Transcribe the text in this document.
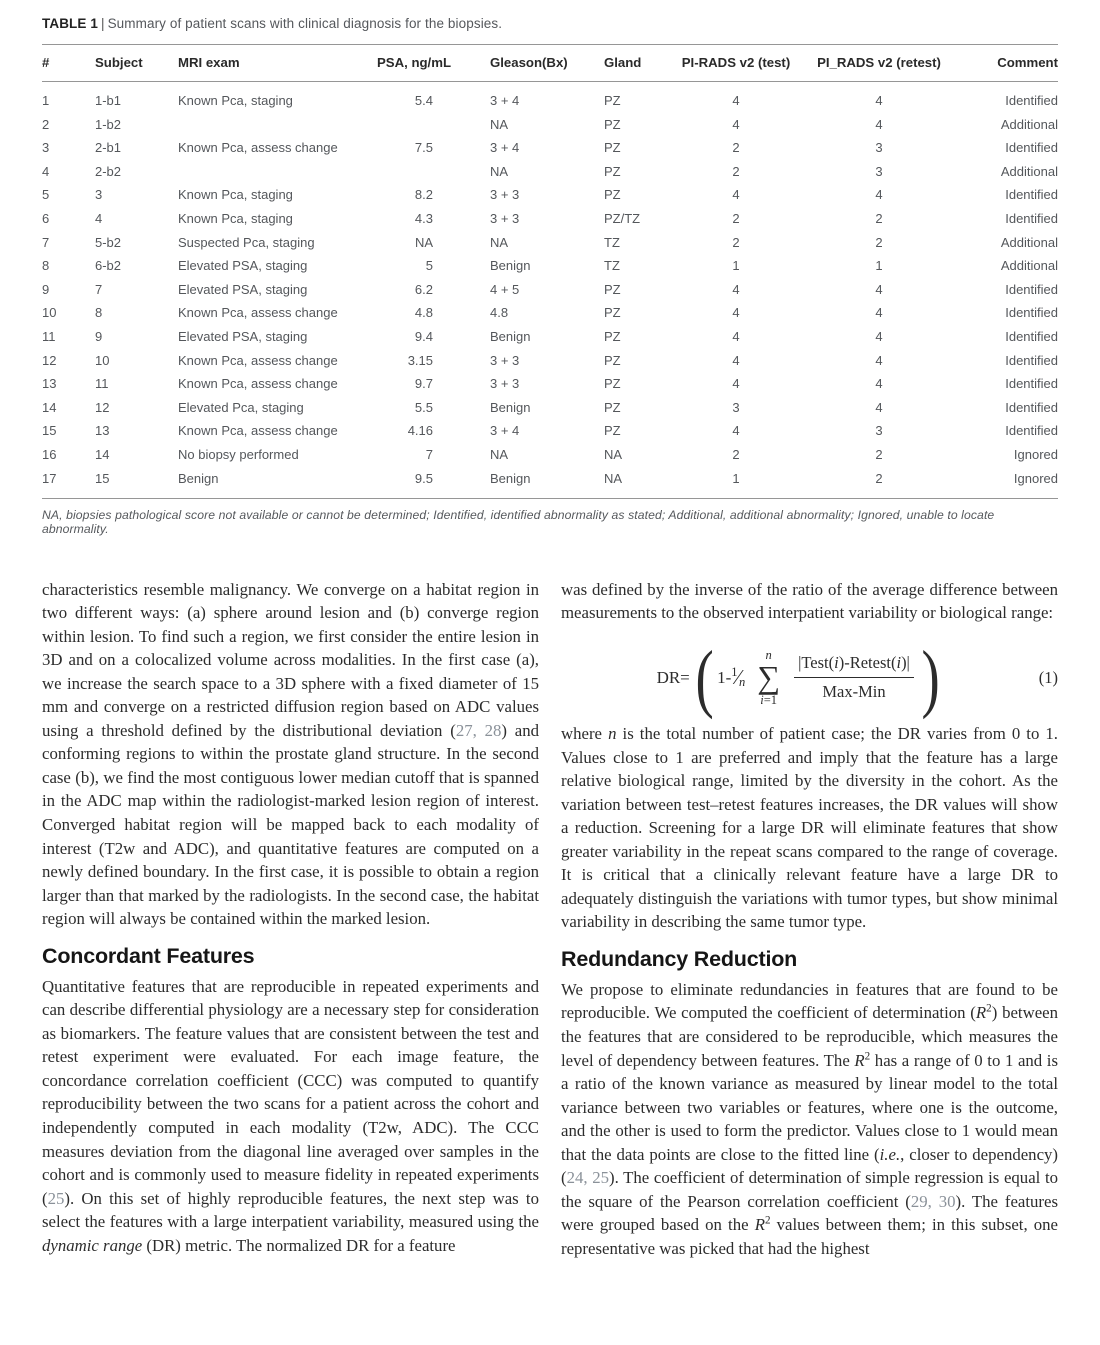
TABLE 1 | Summary of patient scans with clinical diagnosis for the biopsies.
#	Subject	MRI exam	PSA, ng/mL	Gleason(Bx)	Gland	PI-RADS v2 (test)	PI_RADS v2 (retest)	Comment
1	1-b1	Known Pca, staging	5.4	3 + 4	PZ	4	4	Identified
2	1-b2			NA	PZ	4	4	Additional
3	2-b1	Known Pca, assess change	7.5	3 + 4	PZ	2	3	Identified
4	2-b2			NA	PZ	2	3	Additional
5	3	Known Pca, staging	8.2	3 + 3	PZ	4	4	Identified
6	4	Known Pca, staging	4.3	3 + 3	PZ/TZ	2	2	Identified
7	5-b2	Suspected Pca, staging	NA	NA	TZ	2	2	Additional
8	6-b2	Elevated PSA, staging	5	Benign	TZ	1	1	Additional
9	7	Elevated PSA, staging	6.2	4 + 5	PZ	4	4	Identified
10	8	Known Pca, assess change	4.8	4.8	PZ	4	4	Identified
11	9	Elevated PSA, staging	9.4	Benign	PZ	4	4	Identified
12	10	Known Pca, assess change	3.15	3 + 3	PZ	4	4	Identified
13	11	Known Pca, assess change	9.7	3 + 3	PZ	4	4	Identified
14	12	Elevated Pca, staging	5.5	Benign	PZ	3	4	Identified
15	13	Known Pca, assess change	4.16	3 + 4	PZ	4	3	Identified
16	14	No biopsy performed	7	NA	NA	2	2	Ignored
17	15	Benign	9.5	Benign	NA	1	2	Ignored
NA, biopsies pathological score not available or cannot be determined; Identified, identified abnormality as stated; Additional, additional abnormality; Ignored, unable to locate abnormality.

characteristics resemble malignancy. We converge on a habitat region in two different ways: (a) sphere around lesion and (b) converge region within lesion. To find such a region, we first consider the entire lesion in 3D and on a colocalized volume across modalities. In the first case (a), we increase the search space to a 3D sphere with a fixed diameter of 15 mm and converge on a restricted diffusion region based on ADC values using a threshold defined by the distributional deviation (27, 28) and conforming regions to within the prostate gland structure. In the second case (b), we find the most contiguous lower median cutoff that is spanned in the ADC map within the radiologist-marked lesion region of interest. Converged habitat region will be mapped back to each modality of interest (T2w and ADC), and quantitative features are computed on a newly defined boundary. In the first case, it is possible to obtain a region larger than that marked by the radiologists. In the second case, the habitat region will always be contained within the marked lesion.

Concordant Features

Quantitative features that are reproducible in repeated experiments and can describe differential physiology are a necessary step for consideration as biomarkers. The feature values that are consistent between the test and retest experiment were evaluated. For each image feature, the concordance correlation coefficient (CCC) was computed to quantify reproducibility between the two scans for a patient across the cohort and independently computed in each modality (T2w, ADC). The CCC measures deviation from the diagonal line averaged over samples in the cohort and is commonly used to measure fidelity in repeated experiments (25). On this set of highly reproducible features, the next step was to select the features with a large interpatient variability, measured using the dynamic range (DR) metric. The normalized DR for a feature

was defined by the inverse of the ratio of the average difference between measurements to the observed interpatient variability or biological range:

DR= ( 1- 1 ⁄ n
n
∑
$i=1 \frac{\text{|Test(i)-Retest(i)|}}{\text{Max-Min}}$ )	(1)

where n is the total number of patient case; the DR varies from 0 to 1. Values close to 1 are preferred and imply that the feature has a large relative biological range, limited by the diversity in the cohort. As the variation between test–retest features increases, the DR values will show a reduction. Screening for a large DR will eliminate features that show greater variability in the repeat scans compared to the range of coverage. It is critical that a clinically relevant feature have a large DR to adequately distinguish the variations with tumor types, but show minimal variability in describing the same tumor type.

Redundancy Reduction

We propose to eliminate redundancies in features that are found to be reproducible. We computed the coefficient of determination $(R^2)$ between the features that are considered to be reproducible, which measures the level of dependency between features. The $R^2$ has a range of 0 to 1 and is a ratio of the known variance as measured by linear model to the total variance between two variables or features, where one is the outcome, and the other is used to form the predictor. Values close to 1 would mean that the data points are close to the fitted line (i.e., closer to dependency) (24, 25). The coefficient of determination of simple regression is equal to the square of the Pearson correlation coefficient (29, 30). The features were grouped based on the $R^2$ values between them; in this subset, one representative was picked that had the highest
